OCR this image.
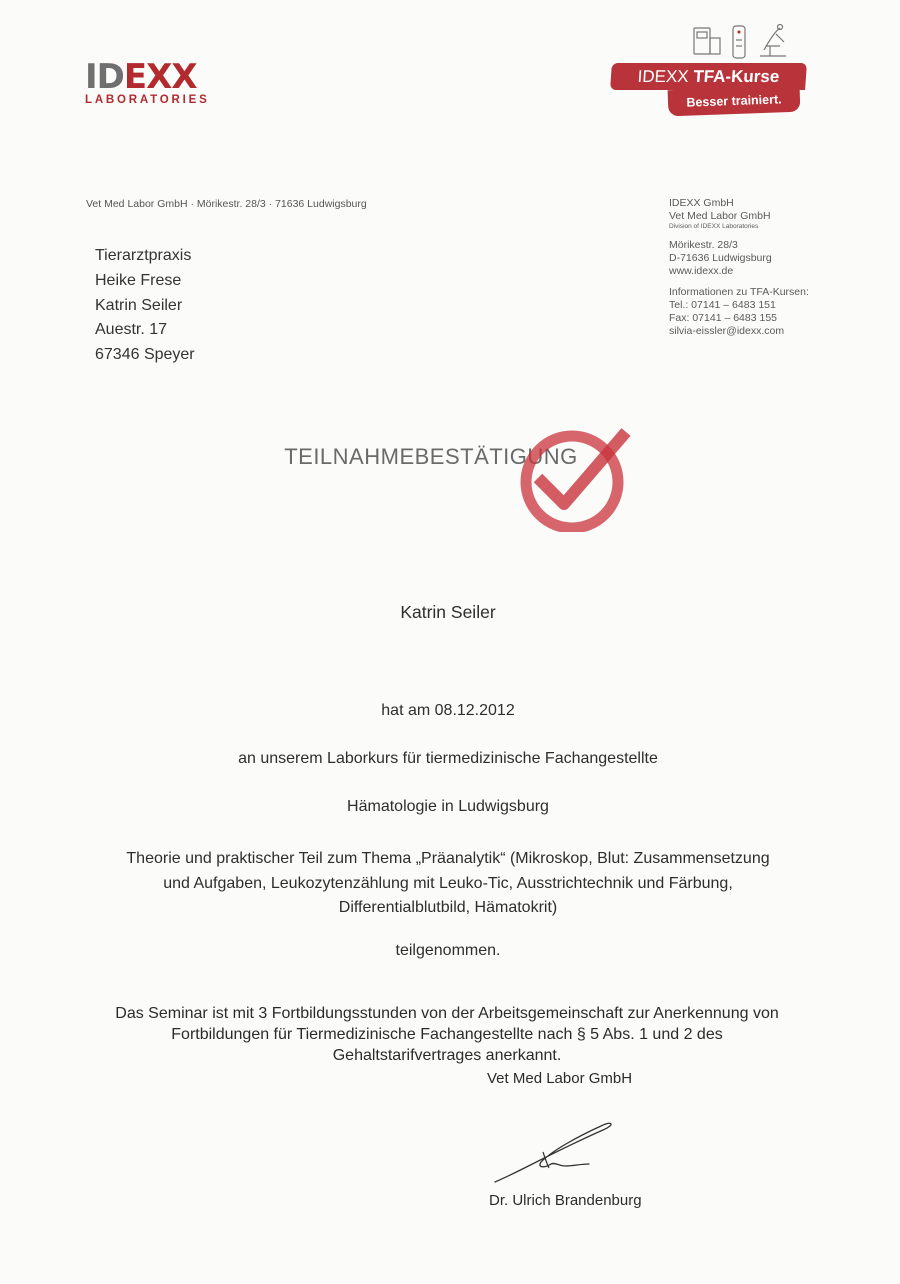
IDEXX
LABORATORIES
IDEXX TFA-Kurse
Besser trainiert.
Vet Med Labor GmbH · Mörikestr. 28/3 · 71636 Ludwigsburg
Tierarztpraxis
Heike Frese
Katrin Seiler
Auestr. 17
67346 Speyer
IDEXX GmbH
Vet Med Labor GmbH
Division of IDEXX Laboratories
Mörikestr. 28/3
D-71636 Ludwigsburg
www.idexx.de
Informationen zu TFA-Kursen:
Tel.: 07141 – 6483 151
Fax: 07141 – 6483 155
silvia-eissler@idexx.com
TEILNAHMEBESTÄTIGUNG
Katrin Seiler
hat am 08.12.2012
an unserem Laborkurs für tiermedizinische Fachangestellte
Hämatologie in Ludwigsburg
Theorie und praktischer Teil zum Thema „Präanalytik“ (Mikroskop, Blut: Zusammensetzung
und Aufgaben, Leukozytenzählung mit Leuko-Tic, Ausstrichtechnik und Färbung,
Differentialblutbild, Hämatokrit)
teilgenommen.
Das Seminar ist mit 3 Fortbildungsstunden von der Arbeitsgemeinschaft zur Anerkennung von
Fortbildungen für Tiermedizinische Fachangestellte nach § 5 Abs. 1 und 2 des
Gehaltstarifvertrages anerkannt.
Vet Med Labor GmbH
Dr. Ulrich Brandenburg
